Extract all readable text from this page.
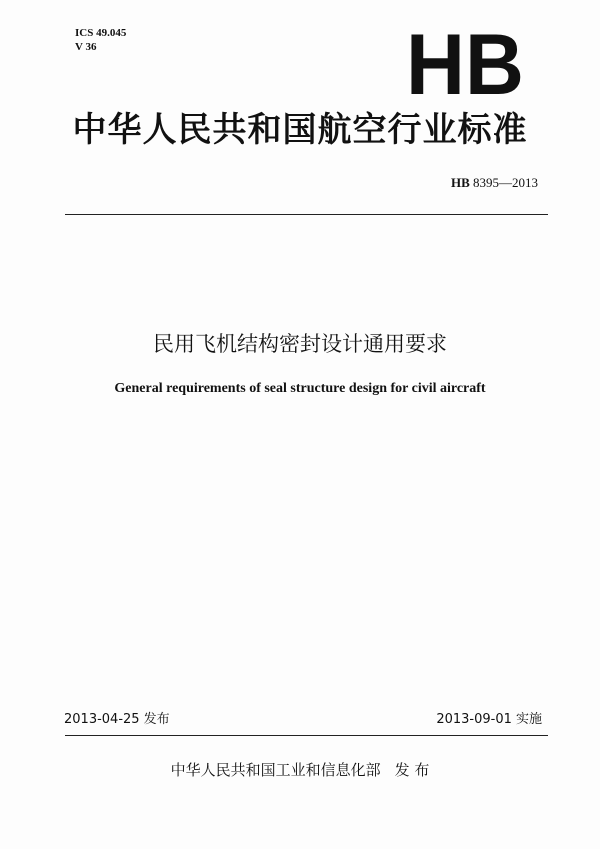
ICS 49.045
V 36	HB
中华人民共和国航空行业标准
HB 8395—2013
民用飞机结构密封设计通用要求
General requirements of seal structure design for civil aircraft
2013-04-25 发布	2013-09-01 实施
中华人民共和国工业和信息化部 发 布
